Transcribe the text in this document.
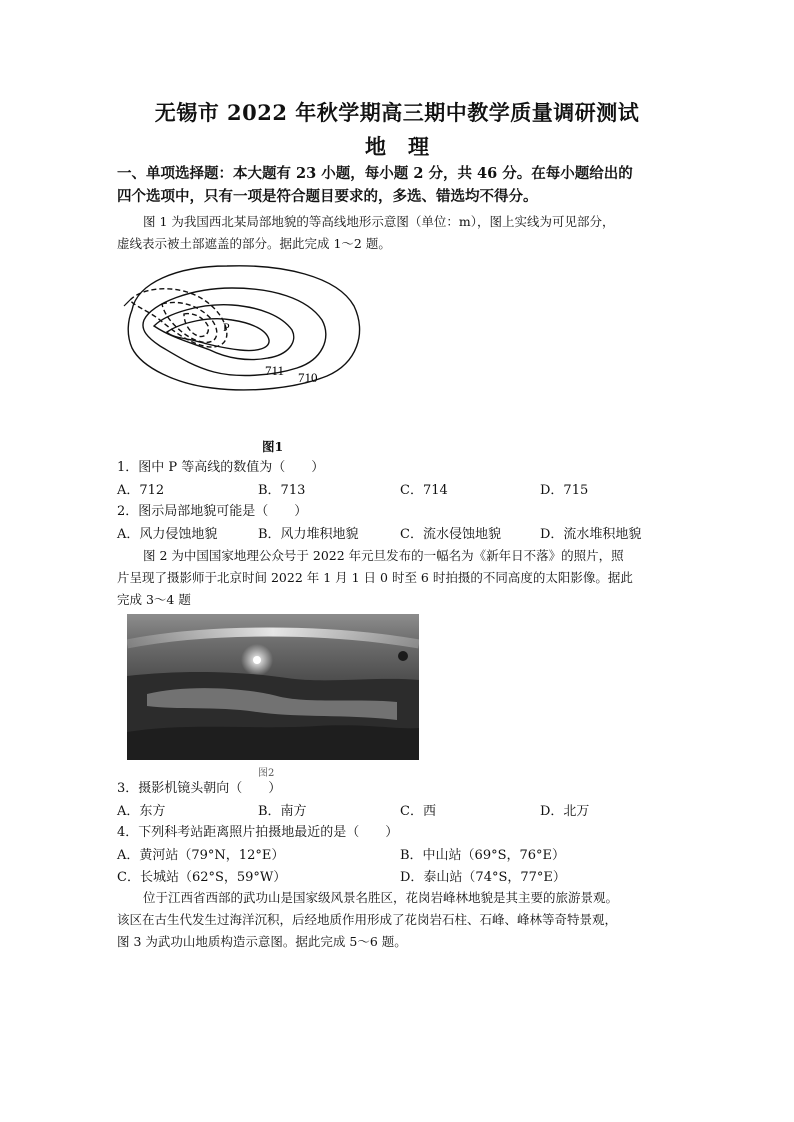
无锡市 2022 年秋学期高三期中教学质量调研测试
地理
一、单项选择题：本大题有 23 小题，每小题 2 分，共 46 分。在每小题给出的
四个选项中，只有一项是符合题目要求的，多选、错选均不得分。
图 1 为我国西北某局部地貌的等高线地形示意图（单位：m），图上实线为可见部分，
虚线表示被土部遮盖的部分。据此完成 1～2 题。
P
711 710
图1
1．图中 P 等高线的数值为（　　）
A．712	B．713	C．714	D．715
2．图示局部地貌可能是（　　）
A．风力侵蚀地貌	B．风力堆积地貌	C．流水侵蚀地貌	D．流水堆积地貌
图 2 为中国国家地理公众号于 2022 年元旦发布的一幅名为《新年日不落》的照片，照
片呈现了摄影师于北京时间 2022 年 1 月 1 日 0 时至 6 时拍摄的不同高度的太阳影像。据此
完成 3～4 题
图2
3．摄影机镜头朝向（　　）
A．东方	B．南方	C．西	D．北万
4．下列科考站距离照片拍摄地最近的是（　　）
A．黄河站（79°N，12°E）	B．中山站（69°S，76°E）
C．长城站（62°S，59°W）	D．泰山站（74°S，77°E）
位于江西省西部的武功山是国家级风景名胜区，花岗岩峰林地貌是其主要的旅游景观。
该区在古生代发生过海洋沉积，后经地质作用形成了花岗岩石柱、石峰、峰林等奇特景观，
图 3 为武功山地质构造示意图。据此完成 5～6 题。
